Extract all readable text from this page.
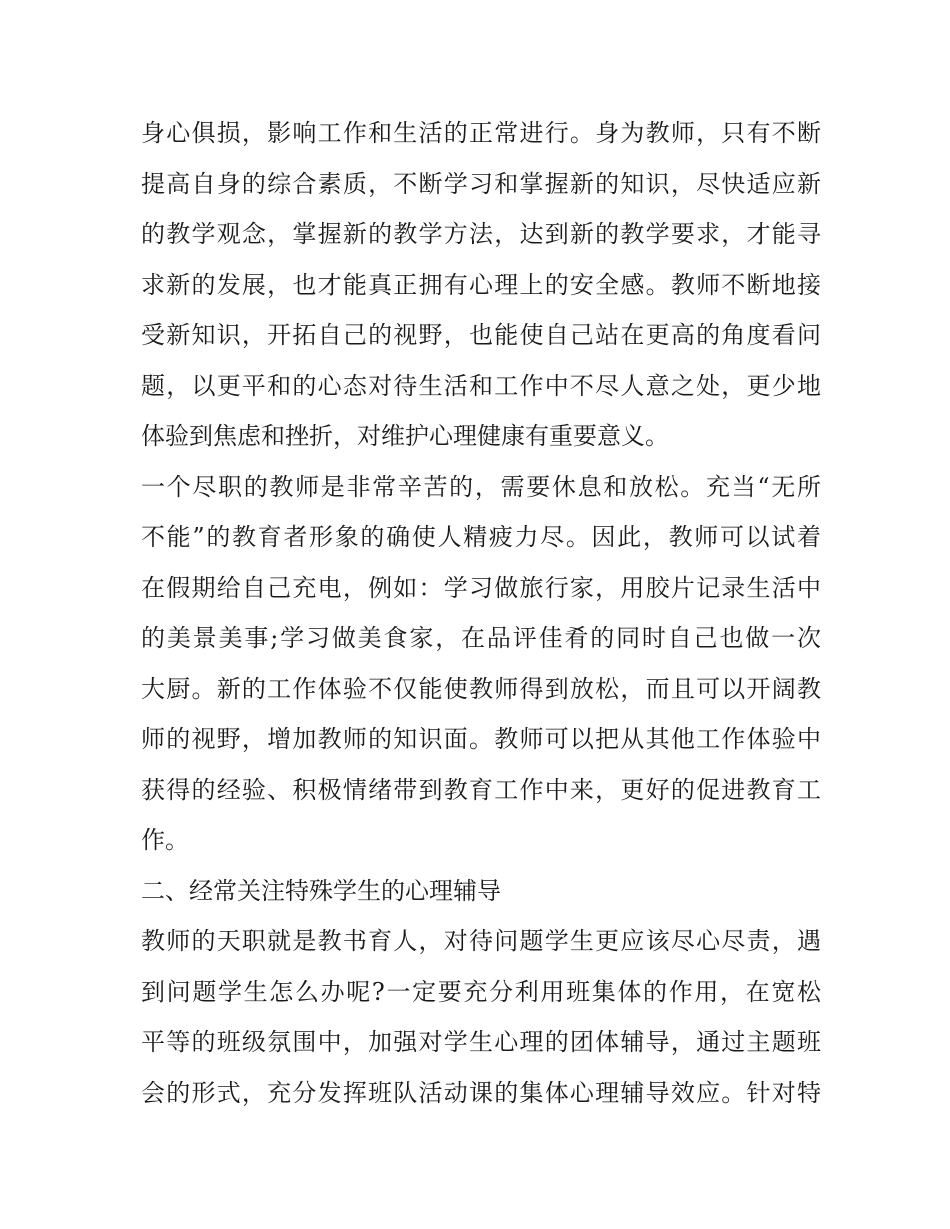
身心俱损，影响工作和生活的正常进行。身为教师，只有不断
提高自身的综合素质，不断学习和掌握新的知识，尽快适应新
的教学观念，掌握新的教学方法，达到新的教学要求，才能寻
求新的发展，也才能真正拥有心理上的安全感。教师不断地接
受新知识，开拓自己的视野，也能使自己站在更高的角度看问
题，以更平和的心态对待生活和工作中不尽人意之处，更少地
体验到焦虑和挫折，对维护心理健康有重要意义。
一个尽职的教师是非常辛苦的，需要休息和放松。充当“无所
不能”的教育者形象的确使人精疲力尽。因此，教师可以试着
在假期给自己充电，例如：学习做旅行家，用胶片记录生活中
的美景美事;学习做美食家，在品评佳肴的同时自己也做一次
大厨。新的工作体验不仅能使教师得到放松，而且可以开阔教
师的视野，增加教师的知识面。教师可以把从其他工作体验中
获得的经验、积极情绪带到教育工作中来，更好的促进教育工
作。
二、经常关注特殊学生的心理辅导
教师的天职就是教书育人，对待问题学生更应该尽心尽责，遇
到问题学生怎么办呢?一定要充分利用班集体的作用，在宽松
平等的班级氛围中，加强对学生心理的团体辅导，通过主题班
会的形式，充分发挥班队活动课的集体心理辅导效应。针对特
